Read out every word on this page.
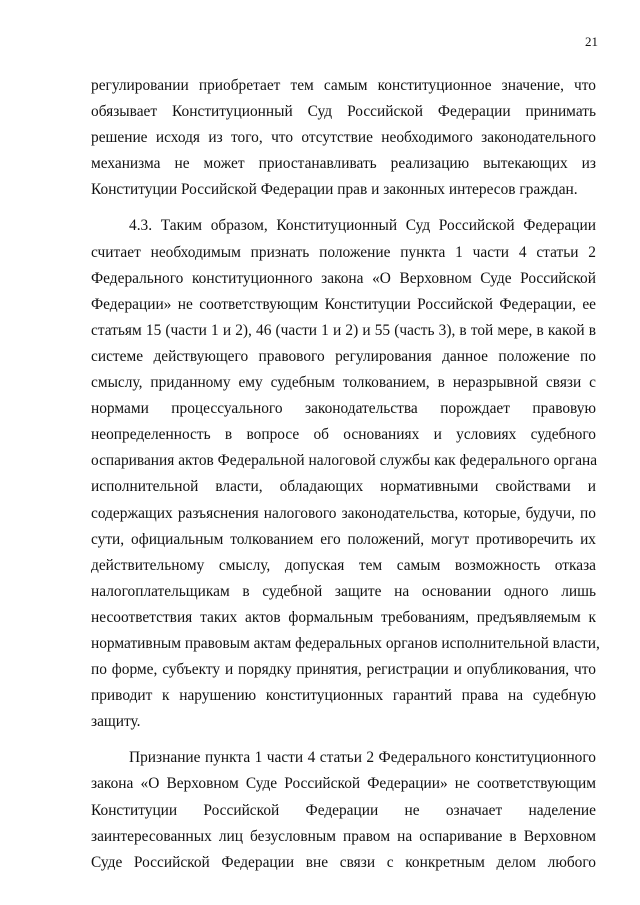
21
регулировании приобретает тем самым конституционное значение, что
обязывает Конституционный Суд Российской Федерации принимать
решение исходя из того, что отсутствие необходимого законодательного
механизма не может приостанавливать реализацию вытекающих из
Конституции Российской Федерации прав и законных интересов граждан.
4.3. Таким образом, Конституционный Суд Российской Федерации
считает необходимым признать положение пункта 1 части 4 статьи 2
Федерального конституционного закона «О Верховном Суде Российской
Федерации» не соответствующим Конституции Российской Федерации, ее
статьям 15 (части 1 и 2), 46 (части 1 и 2) и 55 (часть 3), в той мере, в какой в
системе действующего правового регулирования данное положение по
смыслу, приданному ему судебным толкованием, в неразрывной связи с
нормами процессуального законодательства порождает правовую
неопределенность в вопросе об основаниях и условиях судебного
оспаривания актов Федеральной налоговой службы как федерального органа
исполнительной власти, обладающих нормативными свойствами и
содержащих разъяснения налогового законодательства, которые, будучи, по
сути, официальным толкованием его положений, могут противоречить их
действительному смыслу, допуская тем самым возможность отказа
налогоплательщикам в судебной защите на основании одного лишь
несоответствия таких актов формальным требованиям, предъявляемым к
нормативным правовым актам федеральных органов исполнительной власти,
по форме, субъекту и порядку принятия, регистрации и опубликования, что
приводит к нарушению конституционных гарантий права на судебную
защиту.
Признание пункта 1 части 4 статьи 2 Федерального конституционного
закона «О Верховном Суде Российской Федерации» не соответствующим
Конституции Российской Федерации не означает наделение
заинтересованных лиц безусловным правом на оспаривание в Верховном
Суде Российской Федерации вне связи с конкретным делом любого
